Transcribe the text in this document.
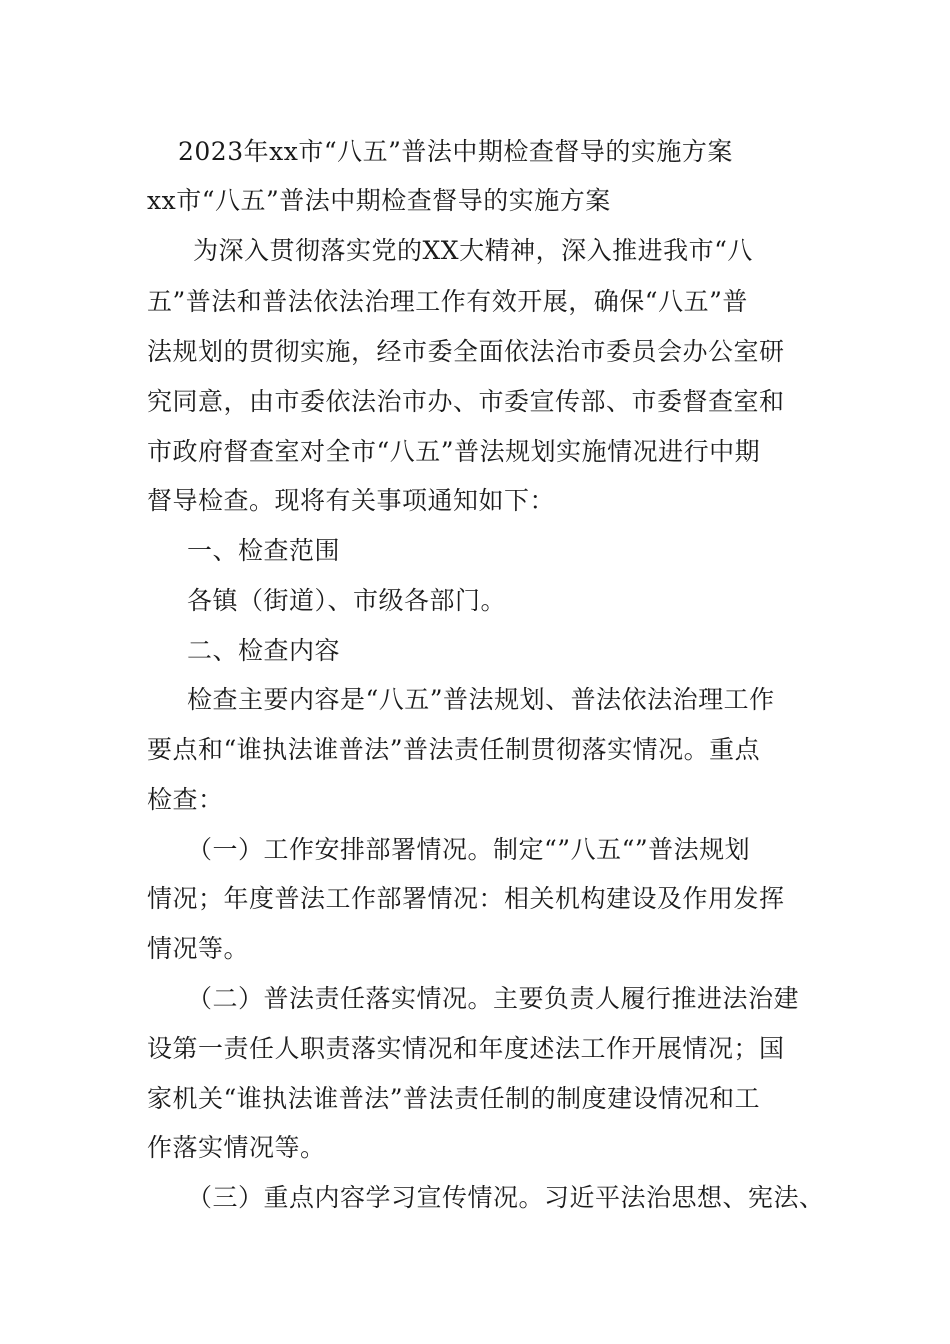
2023年xx市“八五”普法中期检查督导的实施方案
xx市“八五”普法中期检查督导的实施方案
为深入贯彻落实党的XX大精神，深入推进我市“八
五”普法和普法依法治理工作有效开展，确保“八五”普
法规划的贯彻实施，经市委全面依法治市委员会办公室研
究同意，由市委依法治市办、市委宣传部、市委督查室和
市政府督查室对全市“八五”普法规划实施情况进行中期
督导检查。现将有关事项通知如下：
一、检查范围
各镇（街道）、市级各部门。
二、检查内容
检查主要内容是“八五”普法规划、普法依法治理工作
要点和“谁执法谁普法”普法责任制贯彻落实情况。重点
检查：
（一）工作安排部署情况。制定“”八五“”普法规划
情况；年度普法工作部署情况：相关机构建设及作用发挥
情况等。
（二）普法责任落实情况。主要负责人履行推进法治建
设第一责任人职责落实情况和年度述法工作开展情况；国
家机关“谁执法谁普法”普法责任制的制度建设情况和工
作落实情况等。
（三）重点内容学习宣传情况。习近平法治思想、宪法、
